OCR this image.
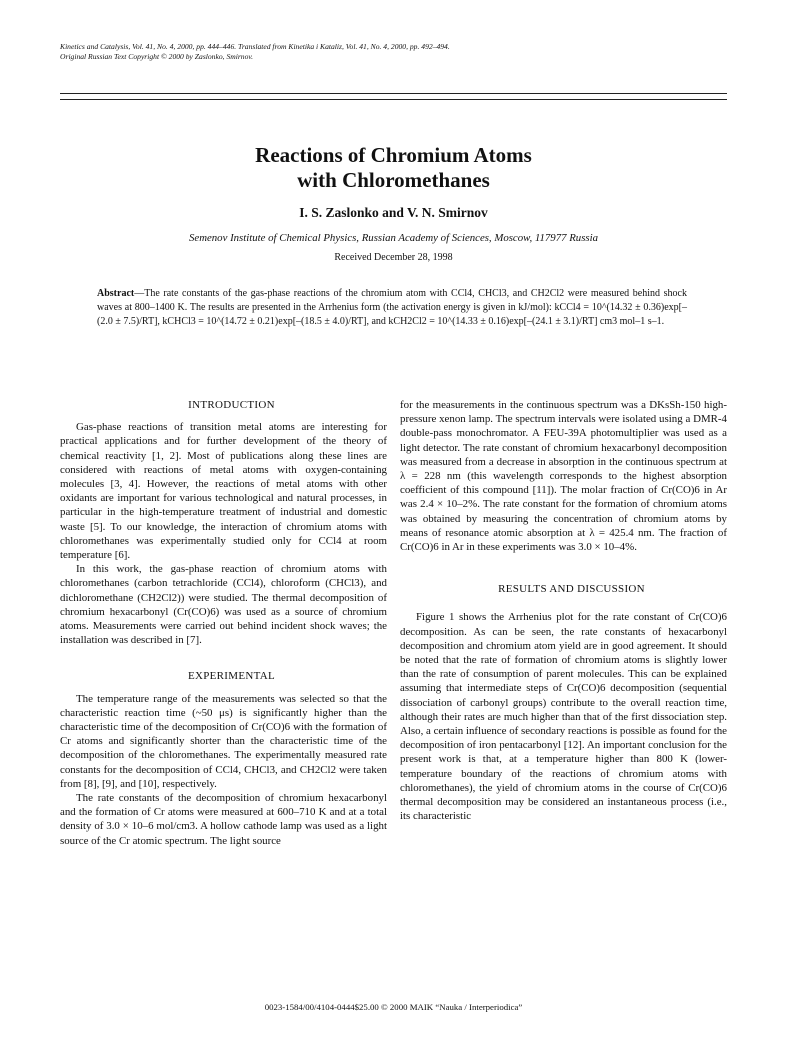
Kinetics and Catalysis, Vol. 41, No. 4, 2000, pp. 444–446. Translated from Kinetika i Kataliz, Vol. 41, No. 4, 2000, pp. 492–494.
Original Russian Text Copyright © 2000 by Zaslonko, Smirnov.
Reactions of Chromium Atoms
with Chloromethanes
I. S. Zaslonko and V. N. Smirnov
Semenov Institute of Chemical Physics, Russian Academy of Sciences, Moscow, 117977 Russia
Received December 28, 1998
Abstract—The rate constants of the gas-phase reactions of the chromium atom with CCl4, CHCl3, and CH2Cl2 were measured behind shock waves at 800–1400 K. The results are presented in the Arrhenius form (the activation energy is given in kJ/mol): kCCl4 = 10^(14.32 ± 0.36)exp[–(2.0 ± 7.5)/RT], kCHCl3 = 10^(14.72 ± 0.21)exp[–(18.5 ± 4.0)/RT], and kCH2Cl2 = 10^(14.33 ± 0.16)exp[–(24.1 ± 3.1)/RT] cm3 mol–1 s–1.

INTRODUCTION

Gas-phase reactions of transition metal atoms are interesting for practical applications and for further development of the theory of chemical reactivity [1, 2]. Most of publications along these lines are considered with reactions of metal atoms with oxygen-containing molecules [3, 4]. However, the reactions of metal atoms with other oxidants are important for various technological and natural processes, in particular in the high-temperature treatment of industrial and domestic waste [5]. To our knowledge, the interaction of chromium atoms with chloromethanes was experimentally studied only for CCl4 at room temperature [6].

In this work, the gas-phase reaction of chromium atoms with chloromethanes (carbon tetrachloride (CCl4), chloroform (CHCl3), and dichloromethane (CH2Cl2)) were studied. The thermal decomposition of chromium hexacarbonyl (Cr(CO)6) was used as a source of chromium atoms. Measurements were carried out behind incident shock waves; the installation was described in [7].

EXPERIMENTAL

The temperature range of the measurements was selected so that the characteristic reaction time (~50 μs) is significantly higher than the characteristic time of the decomposition of Cr(CO)6 with the formation of Cr atoms and significantly shorter than the characteristic time of the decomposition of the chloromethanes. The experimentally measured rate constants for the decomposition of CCl4, CHCl3, and CH2Cl2 were taken from [8], [9], and [10], respectively.

The rate constants of the decomposition of chromium hexacarbonyl and the formation of Cr atoms were measured at 600–710 K and at a total density of 3.0 × 10–6 mol/cm3. A hollow cathode lamp was used as a light source of the Cr atomic spectrum. The light source

for the measurements in the continuous spectrum was a DKsSh-150 high-pressure xenon lamp. The spectrum intervals were isolated using a DMR-4 double-pass monochromator. A FEU-39A photomultiplier was used as a light detector. The rate constant of chromium hexacarbonyl decomposition was measured from a decrease in absorption in the continuous spectrum at λ = 228 nm (this wavelength corresponds to the highest absorption coefficient of this compound [11]). The molar fraction of Cr(CO)6 in Ar was 2.4 × 10–2%. The rate constant for the formation of chromium atoms was obtained by measuring the concentration of chromium atoms by means of resonance atomic absorption at λ = 425.4 nm. The fraction of Cr(CO)6 in Ar in these experiments was 3.0 × 10–4%.

RESULTS AND DISCUSSION

Figure 1 shows the Arrhenius plot for the rate constant of Cr(CO)6 decomposition. As can be seen, the rate constants of hexacarbonyl decomposition and chromium atom yield are in good agreement. It should be noted that the rate of formation of chromium atoms is slightly lower than the rate of consumption of parent molecules. This can be explained assuming that intermediate steps of Cr(CO)6 decomposition (sequential dissociation of carbonyl groups) contribute to the overall reaction time, although their rates are much higher than that of the first dissociation step. Also, a certain influence of secondary reactions is possible as found for the decomposition of iron pentacarbonyl [12]. An important conclusion for the present work is that, at a temperature higher than 800 K (lower-temperature boundary of the reactions of chromium atoms with chloromethanes), the yield of chromium atoms in the course of Cr(CO)6 thermal decomposition may be considered an instantaneous process (i.e., its characteristic

0023-1584/00/4104-0444$25.00 © 2000 MAIK “Nauka / Interperiodica”
